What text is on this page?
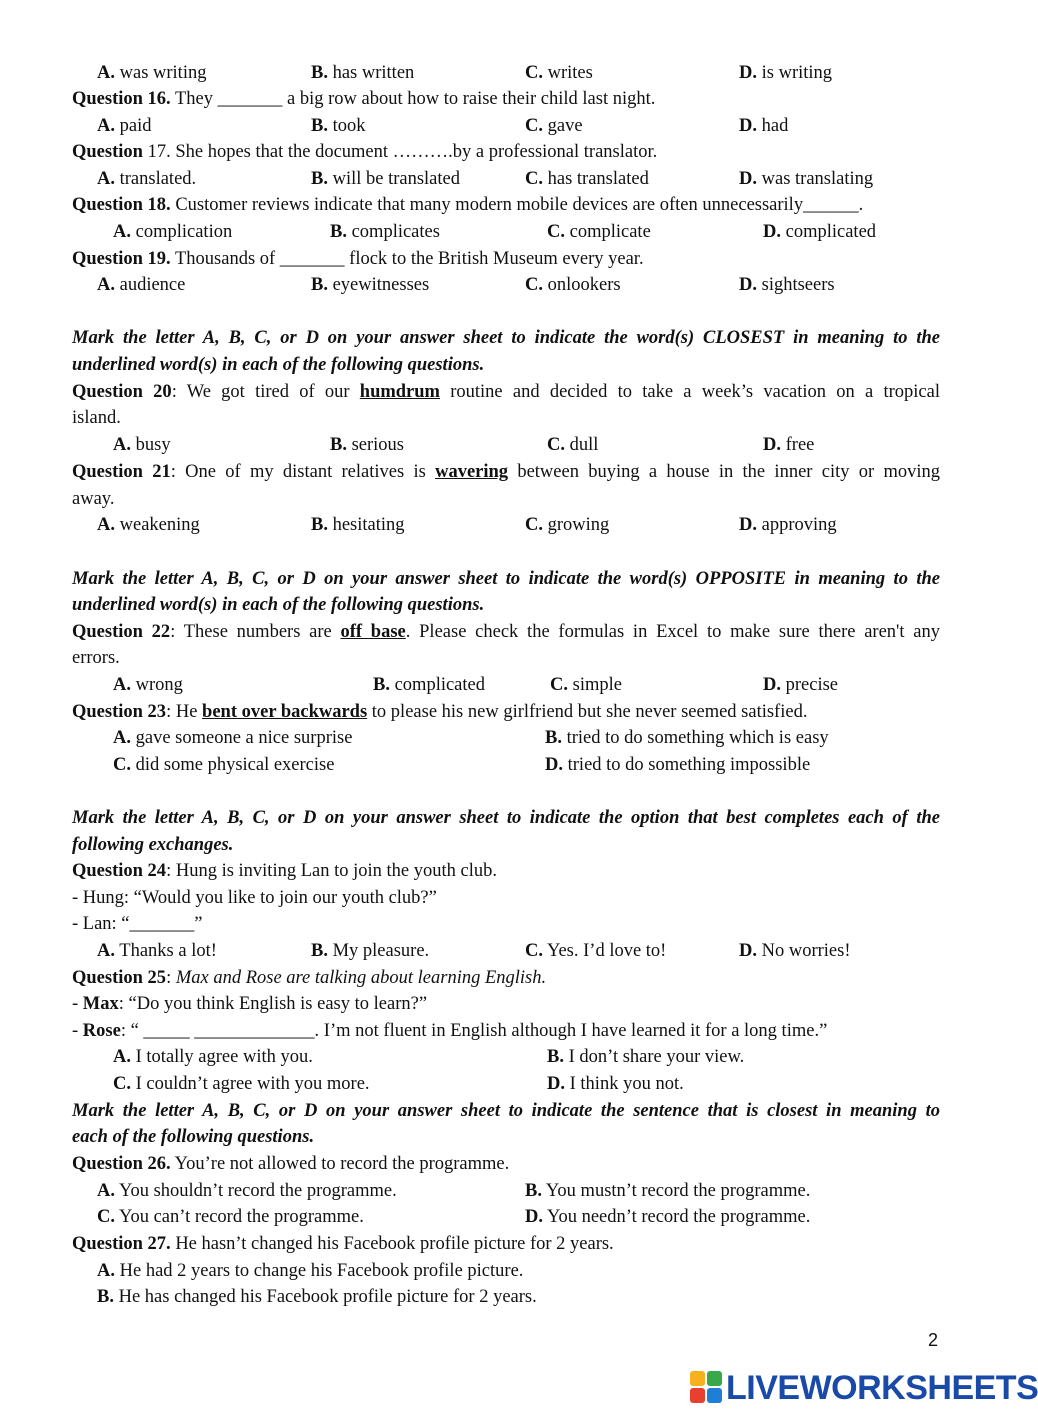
A. was writing	B. has written	C. writes	D. is writing
Question 16. They _______ a big row about how to raise their child last night.
A. paid	B. took	C. gave	D. had
Question 17. She hopes that the document ……….by a professional translator.
A. translated.	B. will be translated	C. has translated	D. was translating
Question 18. Customer reviews indicate that many modern mobile devices are often unnecessarily______.
A. complication	B. complicates	C. complicate	D. complicated
Question 19. Thousands of _______ flock to the British Museum every year.
A. audience	B. eyewitnesses	C. onlookers	D. sightseers
Mark the letter A, B, C, or D on your answer sheet to indicate the word(s) CLOSEST in meaning to the
underlined word(s) in each of the following questions.
Question 20: We got tired of our humdrum routine and decided to take a week’s vacation on a tropical
island.
A. busy	B. serious	C. dull	D. free
Question 21: One of my distant relatives is wavering between buying a house in the inner city or moving
away.
A. weakening	B. hesitating	C. growing	D. approving
Mark the letter A, B, C, or D on your answer sheet to indicate the word(s) OPPOSITE in meaning to the
underlined word(s) in each of the following questions.
Question 22: These numbers are off base. Please check the formulas in Excel to make sure there aren't any
errors.
A. wrong	B. complicated	C. simple	D. precise
Question 23: He bent over backwards to please his new girlfriend but she never seemed satisfied.
A. gave someone a nice surprise	B. tried to do something which is easy
C. did some physical exercise	D. tried to do something impossible
Mark the letter A, B, C, or D on your answer sheet to indicate the option that best completes each of the
following exchanges.
Question 24: Hung is inviting Lan to join the youth club.
- Hung: “Would you like to join our youth club?”
- Lan: “_______”
A. Thanks a lot!	B. My pleasure.	C. Yes. I’d love to!	D. No worries!
Question 25: Max and Rose are talking about learning English.
- Max: “Do you think English is easy to learn?”
- Rose: “ _____ _____________. I’m not fluent in English although I have learned it for a long time.”
A. I totally agree with you.	B. I don’t share your view.
C. I couldn’t agree with you more.	D. I think you not.
Mark the letter A, B, C, or D on your answer sheet to indicate the sentence that is closest in meaning to
each of the following questions.
Question 26. You’re not allowed to record the programme.
A. You shouldn’t record the programme.	B. You mustn’t record the programme.
C. You can’t record the programme.	D. You needn’t record the programme.
Question 27. He hasn’t changed his Facebook profile picture for 2 years.
A. He had 2 years to change his Facebook profile picture.
B. He has changed his Facebook profile picture for 2 years.
2
LIVEWORKSHEETS
